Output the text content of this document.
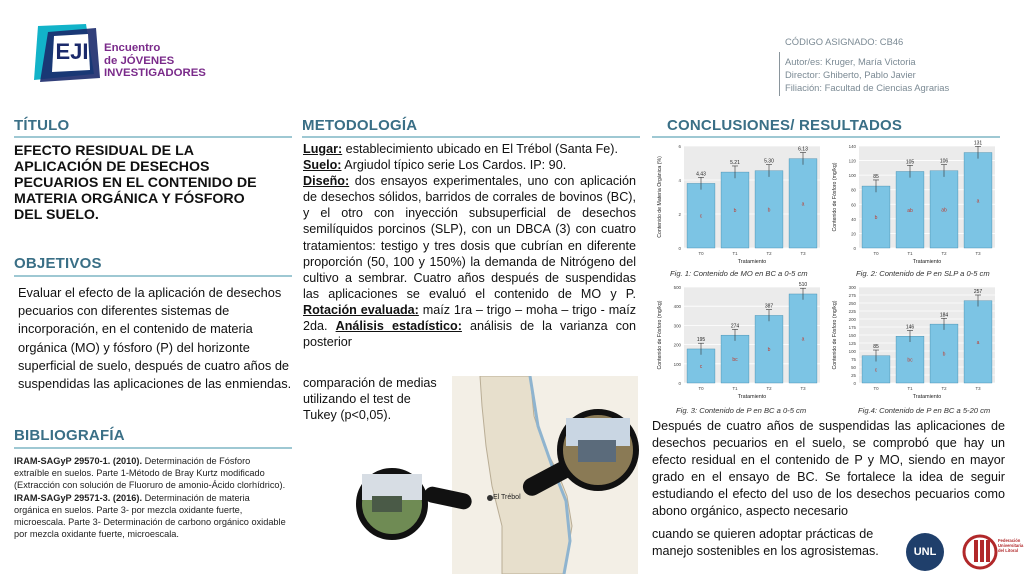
EJI	Encuentro
de JÓVENES
INVESTIGADORES
CÓDIGO ASIGNADO: CB46
Autor/es: Kruger, María Victoria
Director: Ghiberto, Pablo Javier
Filiación: Facultad de Ciencias Agrarias
TÍTULO
EFECTO RESIDUAL DE LA APLICACIÓN DE DESECHOS PECUARIOS EN EL CONTENIDO DE MATERIA ORGÁNICA Y FÓSFORO DEL SUELO.
OBJETIVOS
Evaluar el efecto de la aplicación de desechos pecuarios con diferentes sistemas de incorporación, en el contenido de materia orgánica (MO) y fósforo (P) del horizonte superficial de suelo, después de cuatro años de suspendidas las aplicaciones de las enmiendas.
BIBLIOGRAFÍA

IRAM-SAGyP 29570-1. (2010). Determinación de Fósforo extraíble en suelos. Parte 1-Método de Bray Kurtz modificado (Extracción con solución de Fluoruro de amonio-Ácido clorhídrico).

IRAM-SAGyP 29571-3. (2016). Determinación de materia orgánica en suelos. Parte 3- por mezcla oxidante fuerte, microescala. Parte 3- Determinación de carbono orgánico oxidable por mezcla oxidante fuerte, microescala.

METODOLOGÍA
Lugar: establecimiento ubicado en El Trébol (Santa Fe).
Suelo: Argiudol típico serie Los Cardos. IP: 90.
Diseño: dos ensayos experimentales, uno con aplicación de desechos sólidos, barridos de corrales de bovinos (BC), y el otro con inyección subsuperficial de desechos semilíquidos porcinos (SLP), con un DBCA (3) con cuatro tratamientos: testigo y tres dosis que cubrían en diferente proporción (50, 100 y 150%) la demanda de Nitrógeno del cultivo a sembrar. Cuatro años después de suspendidas las aplicaciones se evaluó el contenido de MO y P. Rotación evaluada: maíz 1ra – trigo – moha – trigo - maíz 2da. Análisis estadístico: análisis de la varianza con posterior
comparación de medias
utilizando el test de
Tukey (p<0,05).
El Trébol
CONCLUSIONES/ RESULTADOS
0
2
4
6
Contenido de Materia Orgánica (%)	4.43
c
T0
5.21
b
T1
5.30
b
T2
6.13
a
T3
Tratamiento
0
20
40
60
80
100
120
140
Contenido de Fósforo (mg/kg)	85
b
T0
105
ab
T1
106
ab
T2
131
a
T3
Tratamiento
0
100
200
300
400
500
Contenido de Fósforo (mg/kg)	195
c
T0
274
bc
T1
387
b
T2
510
a
T3
Tratamiento
0
25
50
75
100
125
150
175
200
225
250
275
300
Contenido de Fósforo (mg/kg)	85
c
T0
146
bc
T1
184
b
T2
257
a
T3
Tratamiento
Fig. 1: Contenido de MO en BC a 0-5 cm	Fig. 2: Contenido de P en SLP a 0-5 cm
Fig. 3: Contenido de P en BC a 0-5 cm	Fig.4: Contenido de P en BC a 5-20 cm
Después de cuatro años de suspendidas las aplicaciones de desechos pecuarios en el suelo, se comprobó que hay un efecto residual en el contenido de P y MO, siendo en mayor grado en el ensayo de BC. Se fortalece la idea de seguir estudiando el efecto del uso de los desechos pecuarios como abono orgánico, aspecto necesario
cuando se quieren adoptar prácticas de
manejo sostenibles en los agrosistemas.	UNL
Federación Universitaria del Litoral
